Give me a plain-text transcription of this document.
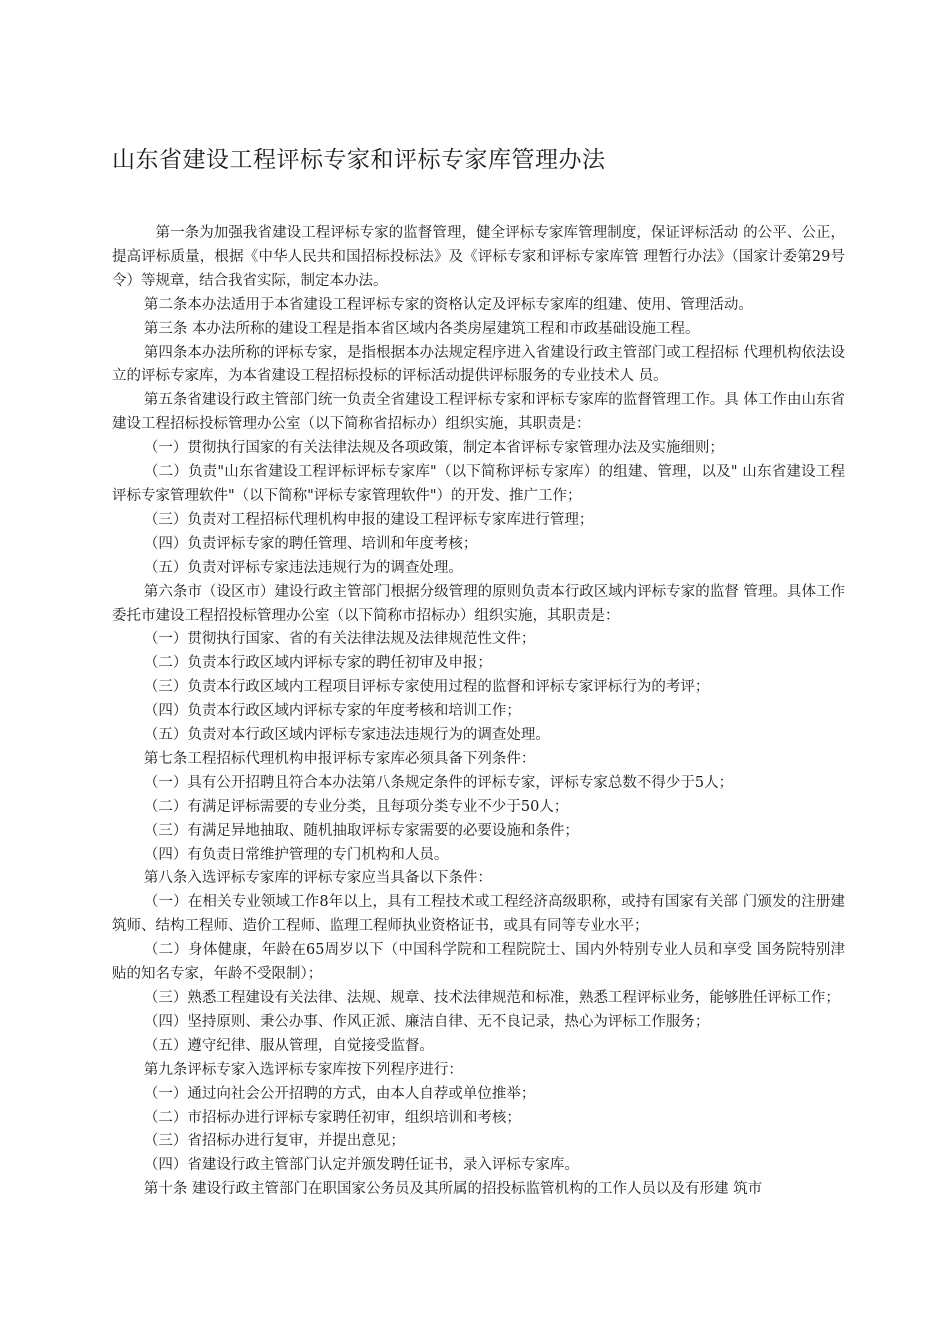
山东省建设工程评标专家和评标专家库管理办法

第一条为加强我省建设工程评标专家的监督管理，健全评标专家库管理制度，保证评标活动 的公平、公正，提高评标质量，根据《中华人民共和国招标投标法》及《评标专家和评标专家库管 理暂行办法》（国家计委第29号令）等规章，结合我省实际，制定本办法。

第二条本办法适用于本省建设工程评标专家的资格认定及评标专家库的组建、使用、管理活动。

第三条 本办法所称的建设工程是指本省区域内各类房屋建筑工程和市政基础设施工程。

第四条本办法所称的评标专家，是指根据本办法规定程序进入省建设行政主管部门或工程招标 代理机构依法设立的评标专家库，为本省建设工程招标投标的评标活动提供评标服务的专业技术人 员。

第五条省建设行政主管部门统一负责全省建设工程评标专家和评标专家库的监督管理工作。具 体工作由山东省建设工程招标投标管理办公室（以下简称省招标办）组织实施，其职责是：

（一）贯彻执行国家的有关法律法规及各项政策，制定本省评标专家管理办法及实施细则；

（二）负责"山东省建设工程评标评标专家库"（以下简称评标专家库）的组建、管理，以及" 山东省建设工程评标专家管理软件"（以下简称"评标专家管理软件"）的开发、推广工作；

（三）负责对工程招标代理机构申报的建设工程评标专家库进行管理；

（四）负责评标专家的聘任管理、培训和年度考核；

（五）负责对评标专家违法违规行为的调查处理。

第六条市（设区市）建设行政主管部门根据分级管理的原则负责本行政区域内评标专家的监督 管理。具体工作委托市建设工程招投标管理办公室（以下简称市招标办）组织实施，其职责是：

（一）贯彻执行国家、省的有关法律法规及法律规范性文件；

（二）负责本行政区域内评标专家的聘任初审及申报；

（三）负责本行政区域内工程项目评标专家使用过程的监督和评标专家评标行为的考评；

（四）负责本行政区域内评标专家的年度考核和培训工作；

（五）负责对本行政区域内评标专家违法违规行为的调查处理。

第七条工程招标代理机构申报评标专家库必须具备下列条件：

（一）具有公开招聘且符合本办法第八条规定条件的评标专家，评标专家总数不得少于5人；

（二）有满足评标需要的专业分类，且每项分类专业不少于50人；

（三）有满足异地抽取、随机抽取评标专家需要的必要设施和条件；

（四）有负责日常维护管理的专门机构和人员。

第八条入选评标专家库的评标专家应当具备以下条件：

（一）在相关专业领域工作8年以上，具有工程技术或工程经济高级职称，或持有国家有关部 门颁发的注册建筑师、结构工程师、造价工程师、监理工程师执业资格证书，或具有同等专业水平；

（二）身体健康，年龄在65周岁以下（中国科学院和工程院院士、国内外特别专业人员和享受 国务院特别津贴的知名专家，年龄不受限制）；

（三）熟悉工程建设有关法律、法规、规章、技术法律规范和标准，熟悉工程评标业务，能够胜任评标工作；

（四）坚持原则、秉公办事、作风正派、廉洁自律、无不良记录，热心为评标工作服务；

（五）遵守纪律、服从管理，自觉接受监督。

第九条评标专家入选评标专家库按下列程序进行：

（一）通过向社会公开招聘的方式，由本人自荐或单位推举；

（二）市招标办进行评标专家聘任初审，组织培训和考核；

（三）省招标办进行复审，并提出意见；

（四）省建设行政主管部门认定并颁发聘任证书，录入评标专家库。

第十条 建设行政主管部门在职国家公务员及其所属的招投标监管机构的工作人员以及有形建 筑市
